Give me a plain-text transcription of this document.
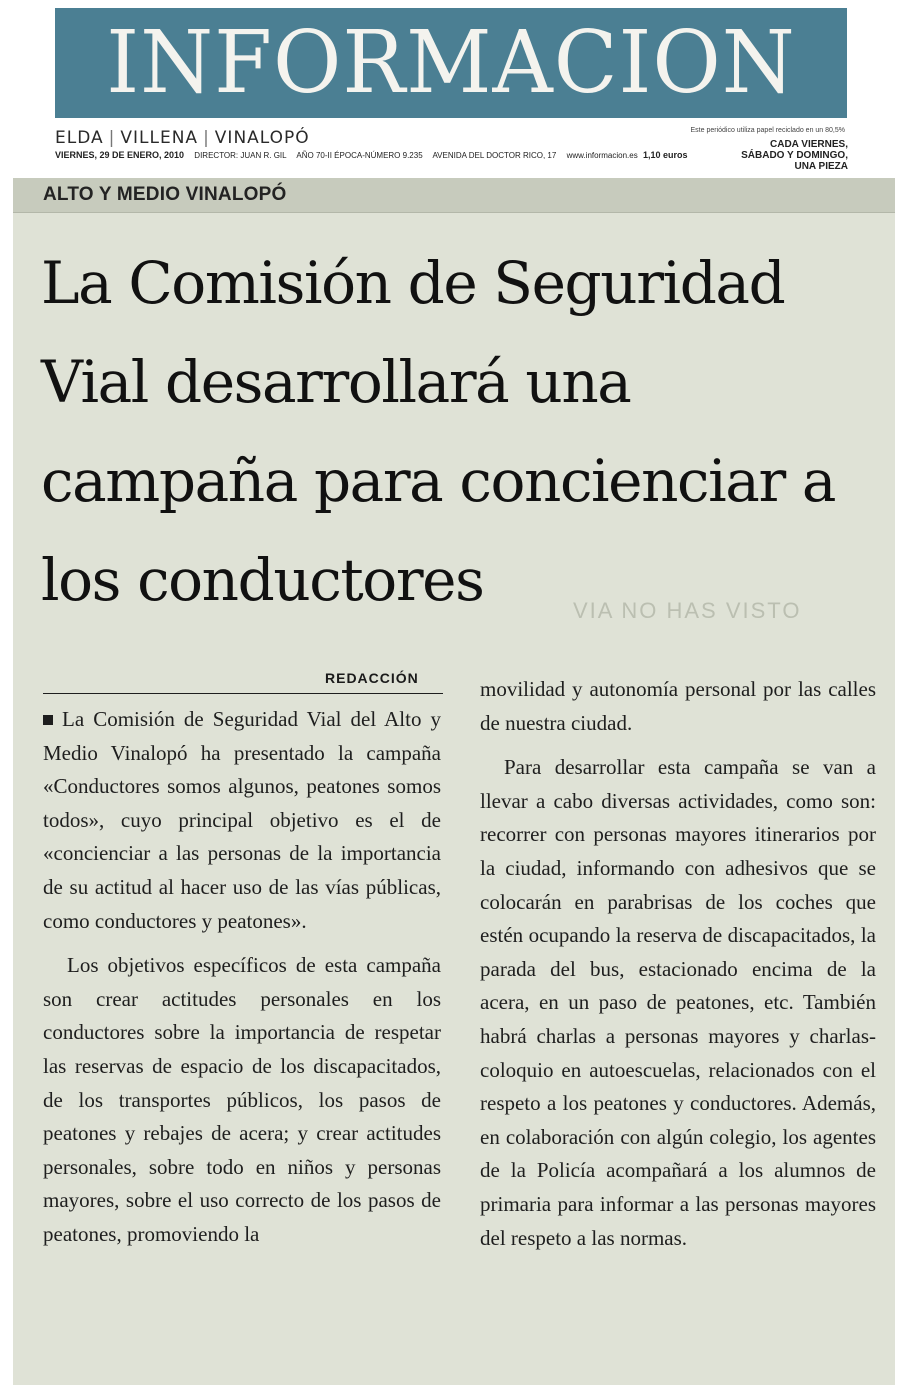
INFORMACION
ELDA | VILLENA | VINALOPÓ	Este periódico utiliza papel reciclado en un 80,5%
VIERNES, 29 DE ENERO, 2010 DIRECTOR: JUAN R. GIL AÑO 70-II ÉPOCA-NÚMERO 9.235 AVENIDA DEL DOCTOR RICO, 17 www.informacion.es 1,10 euros
CADA VIERNES,
SÁBADO Y DOMINGO,
UNA PIEZA
ALTO Y MEDIO VINALOPÓ
La Comisión de Seguridad Vial desarrollará una campaña para concienciar a los conductores	VIA NO HAS VISTO
REDACCIÓN

La Comisión de Seguridad Vial del Alto y Medio Vinalopó ha presentado la campaña «Conductores somos algunos, peatones somos todos», cuyo principal objetivo es el de «concienciar a las personas de la importancia de su actitud al hacer uso de las vías públicas, como conductores y peatones».

Los objetivos específicos de esta campaña son crear actitudes personales en los conductores sobre la importancia de respetar las reservas de espacio de los discapacitados, de los transportes públicos, los pasos de peatones y rebajes de acera; y crear actitudes personales, sobre todo en niños y personas mayores, sobre el uso correcto de los pasos de peatones, promoviendo la

movilidad y autonomía personal por las calles de nuestra ciudad.

Para desarrollar esta campaña se van a llevar a cabo diversas actividades, como son: recorrer con personas mayores itinerarios por la ciudad, informando con adhesivos que se colocarán en parabrisas de los coches que estén ocupando la reserva de discapacitados, la parada del bus, estacionado encima de la acera, en un paso de peatones, etc. También habrá charlas a personas mayores y charlas-coloquio en autoescuelas, relacionados con el respeto a los peatones y conductores. Además, en colaboración con algún colegio, los agentes de la Policía acompañará a los alumnos de primaria para informar a las personas mayores del respeto a las normas.
